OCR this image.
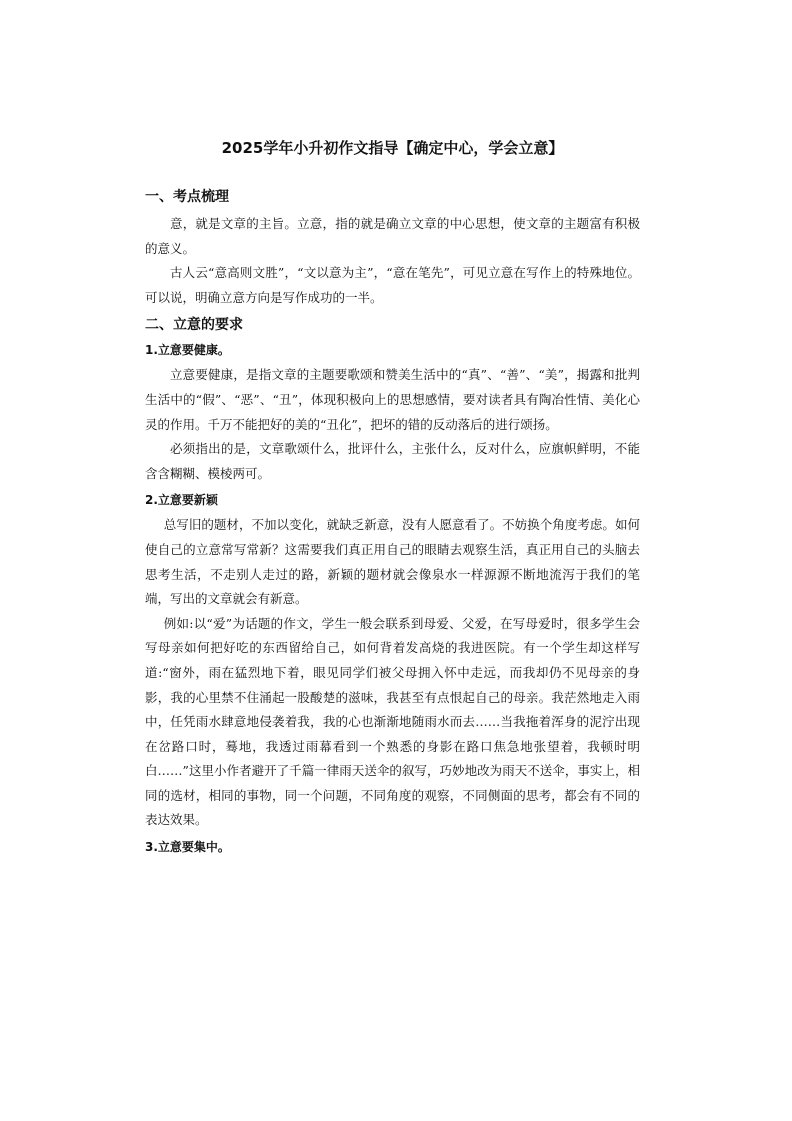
2025学年小升初作文指导【确定中心，学会立意】
一、考点梳理

意，就是文章的主旨。立意，指的就是确立文章的中心思想，使文章的主题富有积极的意义。

古人云“意高则文胜”，“文以意为主”，“意在笔先”，可见立意在写作上的特殊地位。可以说，明确立意方向是写作成功的一半。

二、立意的要求
1.立意要健康。

立意要健康，是指文章的主题要歌颂和赞美生活中的“真”、“善”、“美”，揭露和批判生活中的“假”、“恶”、“丑”，体现积极向上的思想感情，要对读者具有陶冶性情、美化心灵的作用。千万不能把好的美的“丑化”，把坏的错的反动落后的进行颂扬。

必须指出的是，文章歌颂什么，批评什么，主张什么，反对什么，应旗帜鲜明，不能含含糊糊、模棱两可。

2.立意要新颖

总写旧的题材，不加以变化，就缺乏新意，没有人愿意看了。不妨换个角度考虑。如何使自己的立意常写常新？这需要我们真正用自己的眼睛去观察生活，真正用自己的头脑去思考生活，不走别人走过的路，新颖的题材就会像泉水一样源源不断地流泻于我们的笔端，写出的文章就会有新意。

例如:以“爱”为话题的作文，学生一般会联系到母爱、父爱，在写母爱时，很多学生会写母亲如何把好吃的东西留给自己，如何背着发高烧的我进医院。有一个学生却这样写道:“窗外，雨在猛烈地下着，眼见同学们被父母拥入怀中走远，而我却仍不见母亲的身影，我的心里禁不住涌起一股酸楚的滋味，我甚至有点恨起自己的母亲。我茫然地走入雨中，任凭雨水肆意地侵袭着我，我的心也渐渐地随雨水而去……当我拖着浑身的泥泞出现在岔路口时，蓦地，我透过雨幕看到一个熟悉的身影在路口焦急地张望着，我顿时明白……”这里小作者避开了千篇一律雨天送伞的叙写，巧妙地改为雨天不送伞，事实上，相同的选材，相同的事物，同一个问题，不同角度的观察，不同侧面的思考，都会有不同的表达效果。

3.立意要集中。
